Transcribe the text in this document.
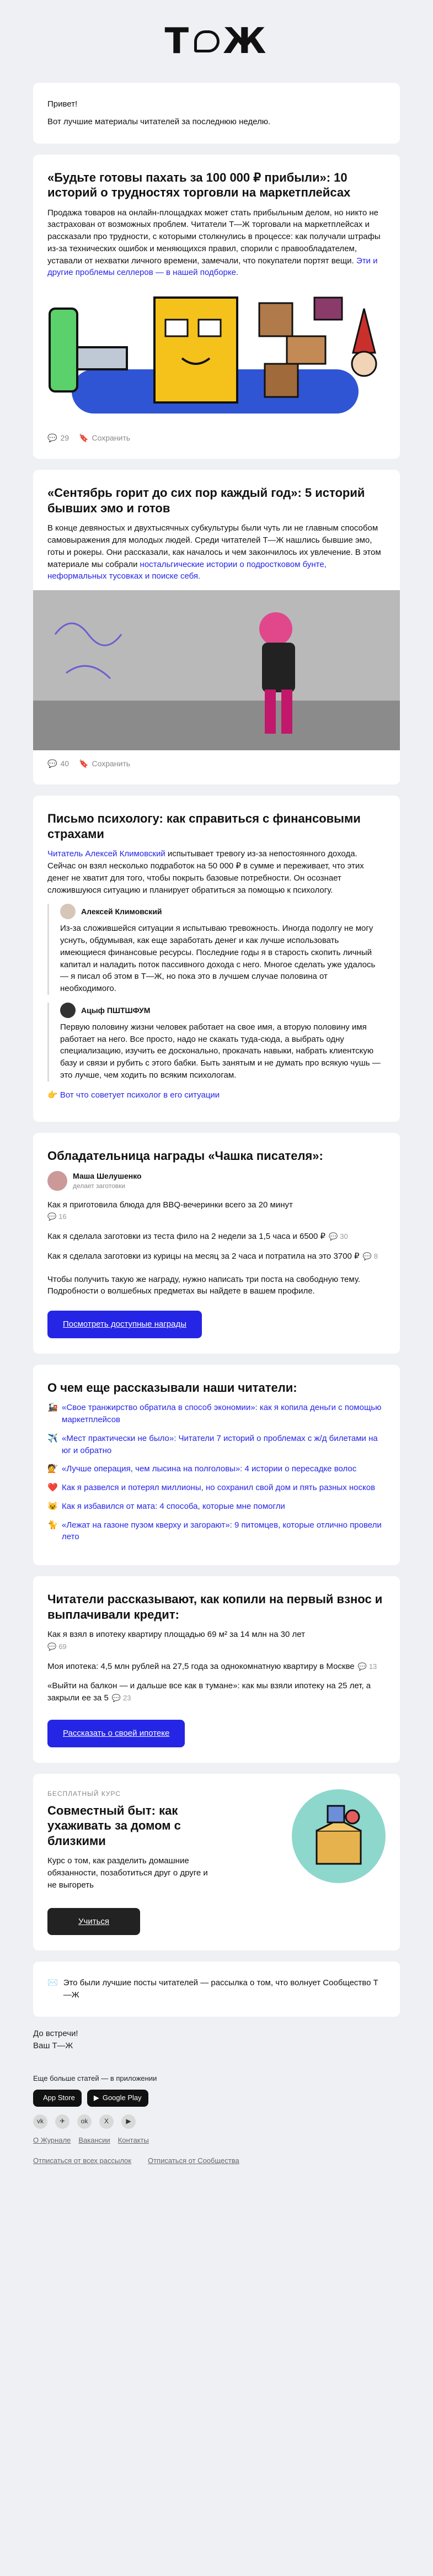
Т Ж

Привет!

Вот лучшие материалы читателей за последнюю неделю.

«Будьте готовы пахать за 100 000 ₽ прибыли»: 10 историй о трудностях торговли на маркетплейсах

Продажа товаров на онлайн-площадках может стать прибыльным делом, но никто не застрахован от возможных проблем. Читатели Т—Ж торговали на маркетплейсах и рассказали про трудности, с которыми столкнулись в процессе: как получали штрафы из-за технических ошибок и меняющихся правил, спорили с правообладателем, уставали от нехватки личного времени, замечали, что покупатели портят вещи. Эти и другие проблемы селлеров — в нашей подборке.

💬 29 🔖 Сохранить
«Сентябрь горит до сих пор каждый год»: 5 историй бывших эмо и готов

В конце девяностых и двухтысячных субкультуры были чуть ли не главным способом самовыражения для молодых людей. Среди читателей Т—Ж нашлись бывшие эмо, готы и рокеры. Они рассказали, как началось и чем закончилось их увлечение. В этом материале мы собрали ностальгические истории о подростковом бунте, неформальных тусовках и поиске себя.

💬 40 🔖 Сохранить
Письмо психологу: как справиться с финансовыми страхами

Читатель Алексей Климовский испытывает тревогу из-за непостоянного дохода. Сейчас он взял несколько подработок на 50 000 ₽ в сумме и переживает, что этих денег не хватит для того, чтобы покрыть базовые потребности. Он осознает сложившуюся ситуацию и планирует обратиться за помощью к психологу.

Алексей Климовский
Из-за сложившейся ситуации я испытываю тревожность. Иногда подолгу не могу уснуть, обдумывая, как еще заработать денег и как лучше использовать имеющиеся финансовые ресурсы. Последние годы я в старость скопить личный капитал и наладить поток пассивного дохода с него. Многое сделать уже удалось — я писал об этом в Т—Ж, но пока это в лучшем случае половина от необходимого.
Ацыф ПШТШФУМ
Первую половину жизни человек работает на свое имя, а вторую половину имя работает на него. Все просто, надо не скакать туда-сюда, а выбрать одну специализацию, изучить ее досконально, прокачать навыки, набрать клиентскую базу и связи и рубить с этого бабки. Быть занятым и не думать про всякую чушь — это лучше, чем ходить по всяким психологам.

👉 Вот что советует психолог в его ситуации

Обладательница награды «Чашка писателя»:
Маша Шелушенко
делает заготовки
Как я приготовила блюда для BBQ-вечеринки всего за 20 минут

💬 16
Как я сделала заготовки из теста фило на 2 недели за 1,5 часа и 6500 ₽ 💬 30
Как я сделала заготовки из курицы на месяц за 2 часа и потратила на это 3700 ₽ 💬 8

Чтобы получить такую же награду, нужно написать три поста на свободную тему. Подробности о волшебных предметах вы найдете в вашем профиле.

Посмотреть доступные награды
О чем еще рассказывали наши читатели:
🚂 «Свое транжирство обратила в способ экономии»: как я копила деньги с помощью маркетплейсов
✈️ «Мест практически не было»: Читатели 7 историй о проблемах с ж/д билетами на юг и обратно
💇 «Лучше операция, чем лысина на полголовы»: 4 истории о пересадке волос
❤️ Как я развелся и потерял миллионы, но сохранил свой дом и пять разных носков
😺 Как я избавился от мата: 4 способа, которые мне помогли
🐈 «Лежат на газоне пузом кверху и загорают»: 9 питомцев, которые отлично провели лето
Читатели рассказывают, как копили на первый взнос и выплачивали кредит:
Как я взял в ипотеку квартиру площадью 69 м² за 14 млн на 30 лет

💬 69
Моя ипотека: 4,5 млн рублей на 27,5 года за однокомнатную квартиру в Москве 💬 13
«Выйти на балкон — и дальше все как в тумане»: как мы взяли ипотеку на 25 лет, а закрыли ее за 5 💬 23
Рассказать о своей ипотеке
БЕСПЛАТНЫЙ КУРС
Совместный быт: как ухаживать за домом с близкими

Курс о том, как разделить домашние обязанности, позаботиться друг о друге и не выгореть

Учиться
✉️ Это были лучшие посты читателей — рассылка о том, что волнует Сообщество Т—Ж
До встречи!
Ваш Т—Ж
Еще больше статей — в приложении
App Store	▶ Google Play
vk	✈	ok	X	▶
О Журнале Вакансии Контакты
Отписаться от всех рассылок Отписаться от Сообщества
